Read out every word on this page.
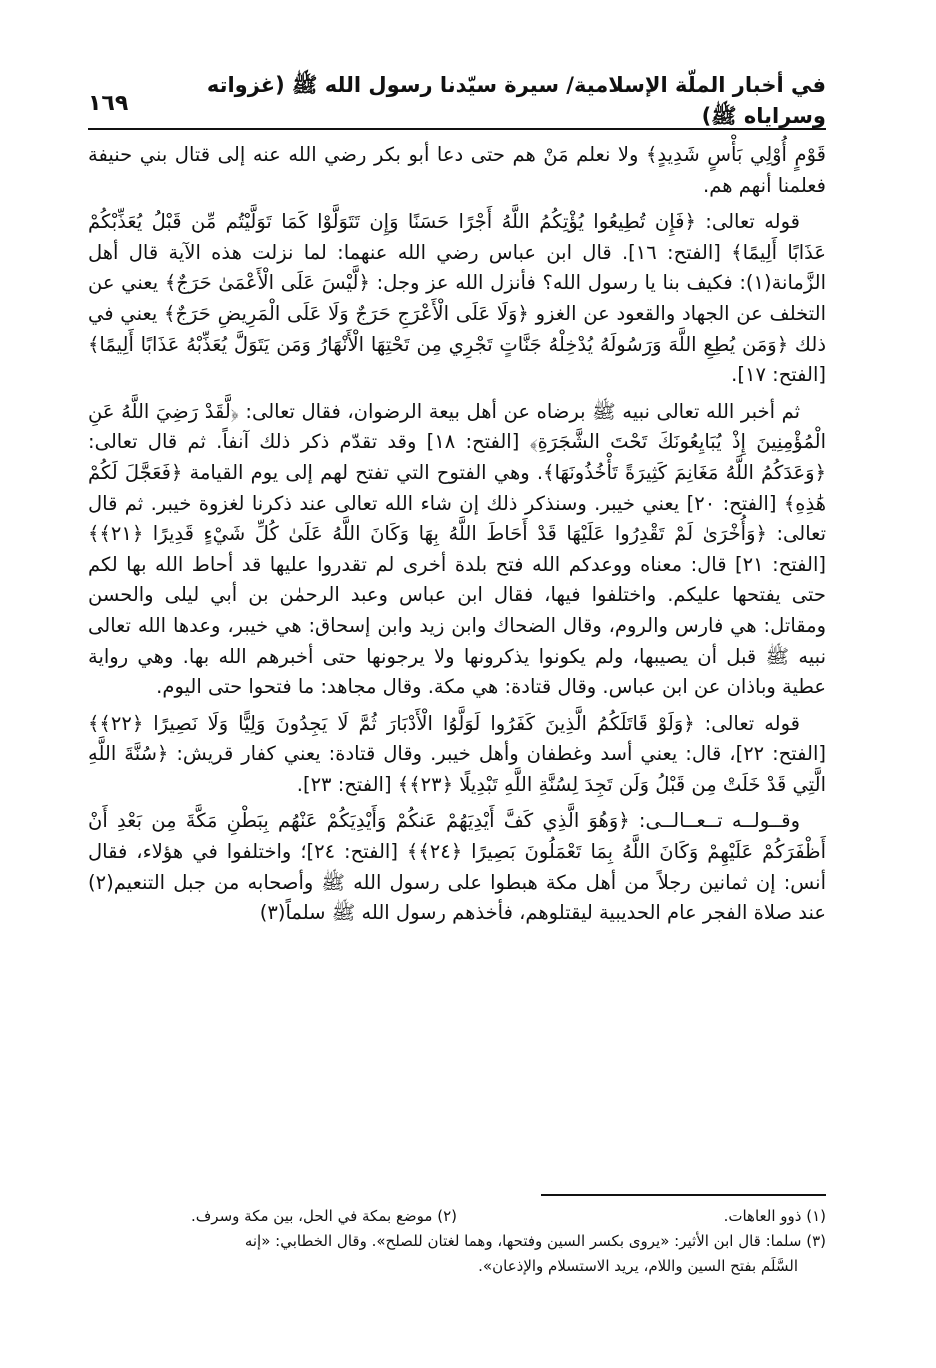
في أخبار الملّة الإسلامية/ سيرة سيّدنا رسول الله ﷺ (غزواته وسراياه ﷺ)
١٦٩

قَوْمٍ أُوْلِي بَأْسٍ شَدِيدٍ﴾ ولا نعلم مَنْ هم حتى دعا أبو بكر رضي الله عنه إلى قتال بني حنيفة فعلمنا أنهم هم.

قوله تعالى: ﴿فَإِن تُطِيعُوا يُؤْتِكُمُ اللَّهُ أَجْرًا حَسَنًا وَإِن تَتَوَلَّوْا كَمَا تَوَلَّيْتُم مِّن قَبْلُ يُعَذِّبْكُمْ عَذَابًا أَلِيمًا﴾ [الفتح: ١٦]. قال ابن عباس رضي الله عنهما: لما نزلت هذه الآية قال أهل الزَّمانة(١): فكيف بنا يا رسول الله؟ فأنزل الله عز وجل: ﴿لَّيْسَ عَلَى الْأَعْمَىٰ حَرَجٌ﴾ يعني عن التخلف عن الجهاد والقعود عن الغزو ﴿وَلَا عَلَى الْأَعْرَجِ حَرَجٌ وَلَا عَلَى الْمَرِيضِ حَرَجٌ﴾ يعني في ذلك ﴿وَمَن يُطِعِ اللَّهَ وَرَسُولَهُ يُدْخِلْهُ جَنَّاتٍ تَجْرِي مِن تَحْتِهَا الْأَنْهَارُ وَمَن يَتَوَلَّ يُعَذِّبْهُ عَذَابًا أَلِيمًا﴾ [الفتح: ١٧].

ثم أخبر الله تعالى نبيه ﷺ برضاه عن أهل بيعة الرضوان، فقال تعالى: ﴿لَّقَدْ رَضِيَ اللَّهُ عَنِ الْمُؤْمِنِينَ إِذْ يُبَايِعُونَكَ تَحْتَ الشَّجَرَةِ﴾ [الفتح: ١٨] وقد تقدّم ذكر ذلك آنفاً. ثم قال تعالى: ﴿وَعَدَكُمُ اللَّهُ مَغَانِمَ كَثِيرَةً تَأْخُذُونَهَا﴾. وهي الفتوح التي تفتح لهم إلى يوم القيامة ﴿فَعَجَّلَ لَكُمْ هَٰذِهِ﴾ [الفتح: ٢٠] يعني خيبر. وسنذكر ذلك إن شاء الله تعالى عند ذكرنا لغزوة خيبر. ثم قال تعالى: ﴿وَأُخْرَىٰ لَمْ تَقْدِرُوا عَلَيْهَا قَدْ أَحَاطَ اللَّهُ بِهَا وَكَانَ اللَّهُ عَلَىٰ كُلِّ شَيْءٍ قَدِيرًا ﴿٢١﴾﴾ [الفتح: ٢١] قال: معناه ووعدكم الله فتح بلدة أخرى لم تقدروا عليها قد أحاط الله بها لكم حتى يفتحها عليكم. واختلفوا فيها، فقال ابن عباس وعبد الرحمٰن بن أبي ليلى والحسن ومقاتل: هي فارس والروم، وقال الضحاك وابن زيد وابن إسحاق: هي خيبر، وعدها الله تعالى نبيه ﷺ قبل أن يصيبها، ولم يكونوا يذكرونها ولا يرجونها حتى أخبرهم الله بها. وهي رواية عطية وباذان عن ابن عباس. وقال قتادة: هي مكة. وقال مجاهد: ما فتحوا حتى اليوم.

قوله تعالى: ﴿وَلَوْ قَاتَلَكُمُ الَّذِينَ كَفَرُوا لَوَلَّوُا الْأَدْبَارَ ثُمَّ لَا يَجِدُونَ وَلِيًّا وَلَا نَصِيرًا ﴿٢٢﴾﴾ [الفتح: ٢٢]، قال: يعني أسد وغطفان وأهل خيبر. وقال قتادة: يعني كفار قريش: ﴿سُنَّةَ اللَّهِ الَّتِي قَدْ خَلَتْ مِن قَبْلُ وَلَن تَجِدَ لِسُنَّةِ اللَّهِ تَبْدِيلًا ﴿٢٣﴾﴾ [الفتح: ٢٣].

وقــولــه تــعــالــى: ﴿وَهُوَ الَّذِي كَفَّ أَيْدِيَهُمْ عَنكُمْ وَأَيْدِيَكُمْ عَنْهُم بِبَطْنِ مَكَّةَ مِن بَعْدِ أَنْ أَظْفَرَكُمْ عَلَيْهِمْ وَكَانَ اللَّهُ بِمَا تَعْمَلُونَ بَصِيرًا ﴿٢٤﴾﴾ [الفتح: ٢٤]؛ واختلفوا في هؤلاء، فقال أنس: إن ثمانين رجلاً من أهل مكة هبطوا على رسول الله ﷺ وأصحابه من جبل التنعيم(٢) عند صلاة الفجر عام الحديبية ليقتلوهم، فأخذهم رسول الله ﷺ سلماً(٣)

(١) ذوو العاهات.
(٢) موضع بمكة في الحل، بين مكة وسرف.

(٣) سلما: قال ابن الأثير: «يروى بكسر السين وفتحها، وهما لغتان للصلح». وقال الخطابي: «إنه

السَّلَم بفتح السين واللام، يريد الاستسلام والإذعان».
